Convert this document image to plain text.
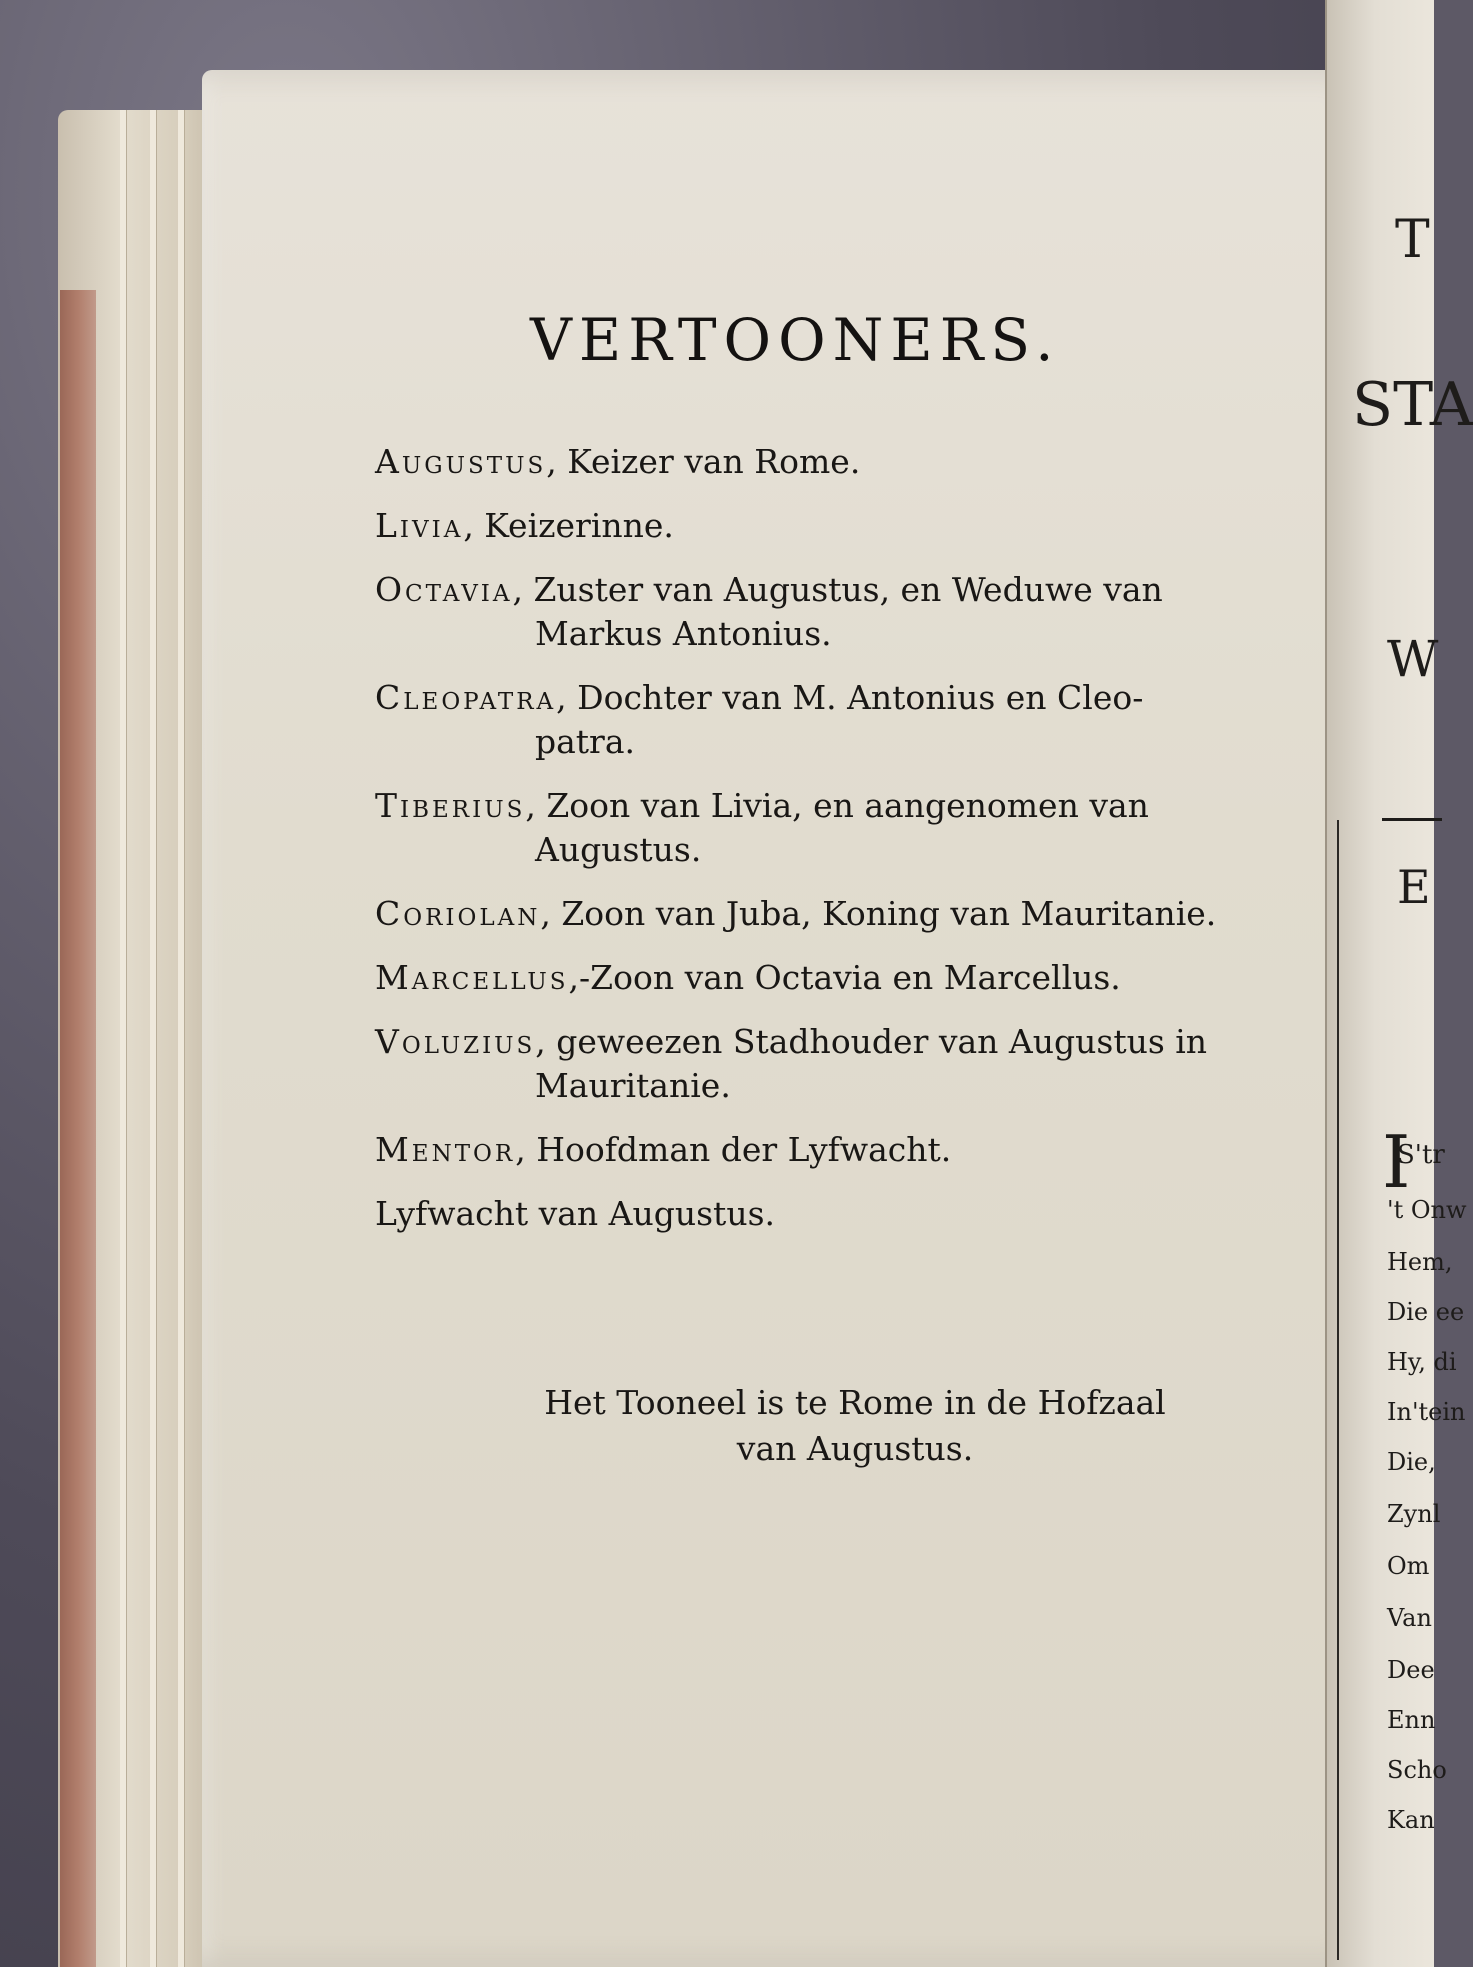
VERTOONERS.
Augustus, Keizer van Rome.
Livia, Keizerinne.
Octavia, Zuster van Augustus, en Weduwe van
Markus Antonius.
Cleopatra, Dochter van M. Antonius en Cleo-
patra.
Tiberius, Zoon van Livia, en aangenomen van
Augustus.
Coriolan, Zoon van Juba, Koning van Mauritanie.
Marcellus,-Zoon van Octavia en Marcellus.
Voluzius, geweezen Stadhouder van Augustus in
Mauritanie.
Mentor, Hoofdman der Lyfwacht.
Lyfwacht van Augustus.
Het Tooneel is te Rome in de Hofzaal
van Augustus.
T
STA
W
E
I
S'tr
't Onw
Hem,
Die ee
Hy, di
In'tein
Die,
Zynl
Om
Van
Dee
Enn
Scho
Kan
